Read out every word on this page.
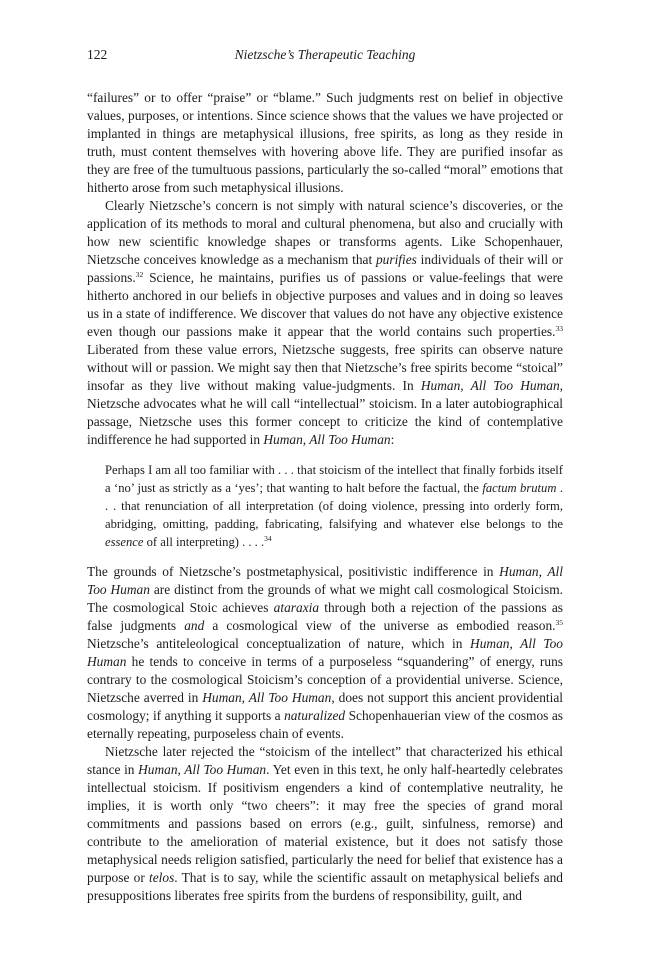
122	Nietzsche’s Therapeutic Teaching

“failures” or to offer “praise” or “blame.” Such judgments rest on belief in objective values, purposes, or intentions. Since science shows that the values we have projected or implanted in things are metaphysical illusions, free spirits, as long as they reside in truth, must content themselves with hovering above life. They are purified insofar as they are free of the tumultuous passions, particularly the so-called “moral” emotions that hitherto arose from such metaphysical illusions.

Clearly Nietzsche’s concern is not simply with natural science’s discoveries, or the application of its methods to moral and cultural phenomena, but also and crucially with how new scientific knowledge shapes or transforms agents. Like Schopenhauer, Nietzsche conceives knowledge as a mechanism that purifies individuals of their will or passions.$^{32}$ Science, he maintains, purifies us of passions or value-feelings that were hitherto anchored in our beliefs in objective purposes and values and in doing so leaves us in a state of indifference. We discover that values do not have any objective existence even though our passions make it appear that the world contains such properties.$^{33}$ Liberated from these value errors, Nietzsche suggests, free spirits can observe nature without will or passion. We might say then that Nietzsche’s free spirits become “stoical” insofar as they live without making value-judgments. In Human, All Too Human, Nietzsche advocates what he will call “intellectual” stoicism. In a later autobiographical passage, Nietzsche uses this former concept to criticize the kind of contemplative indifference he had supported in Human, All Too Human:

Perhaps I am all too familiar with . . . that stoicism of the intellect that finally forbids itself a ‘no’ just as strictly as a ‘yes’; that wanting to halt before the factual, the factum brutum . . . that renunciation of all interpretation (of doing violence, pressing into orderly form, abridging, omitting, padding, fabricating, falsifying and whatever else belongs to the essence of all interpreting) . . . .$^{34}$

The grounds of Nietzsche’s postmetaphysical, positivistic indifference in Human, All Too Human are distinct from the grounds of what we might call cosmological Stoicism. The cosmological Stoic achieves ataraxia through both a rejection of the passions as false judgments and a cosmological view of the universe as embodied reason.$^{35}$ Nietzsche’s antiteleological conceptualization of nature, which in Human, All Too Human he tends to conceive in terms of a purposeless “squandering” of energy, runs contrary to the cosmological Stoicism’s conception of a providential universe. Science, Nietzsche averred in Human, All Too Human, does not support this ancient providential cosmology; if anything it supports a naturalized Schopenhauerian view of the cosmos as eternally repeating, purposeless chain of events.

Nietzsche later rejected the “stoicism of the intellect” that characterized his ethical stance in Human, All Too Human. Yet even in this text, he only half-heartedly celebrates intellectual stoicism. If positivism engenders a kind of contemplative neutrality, he implies, it is worth only “two cheers”: it may free the species of grand moral commitments and passions based on errors (e.g., guilt, sinfulness, remorse) and contribute to the amelioration of material existence, but it does not satisfy those metaphysical needs religion satisfied, particularly the need for belief that existence has a purpose or telos. That is to say, while the scientific assault on metaphysical beliefs and presuppositions liberates free spirits from the burdens of responsibility, guilt, and
